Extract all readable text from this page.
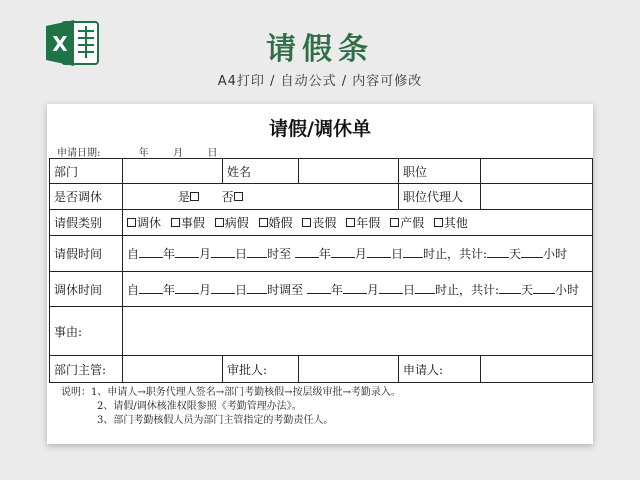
X	请假条
A4打印 / 自动公式 / 内容可修改
请假/调休单
申请日期:	年 月 日
部门		姓名		职位	
是否调休	是 否			职位代理人	
请假类别	调休 事假 病假 婚假 丧假 年假 产假 其他				
请假时间	自 年 月 日 时至 年 月 日 时止，共计: 天 小时				
调休时间	自 年 月 日 时调至 年 月 日 时止，共计: 天 小时				
事由:					
部门主管:		审批人:		申请人:	
说明：1、申请人→职务代理人签名→部门考勤核假→按层级审批→考勤录入。
2、请假/调休核准权限参照《考勤管理办法》。
3、部门考勤核假人员为部门主管指定的考勤责任人。
